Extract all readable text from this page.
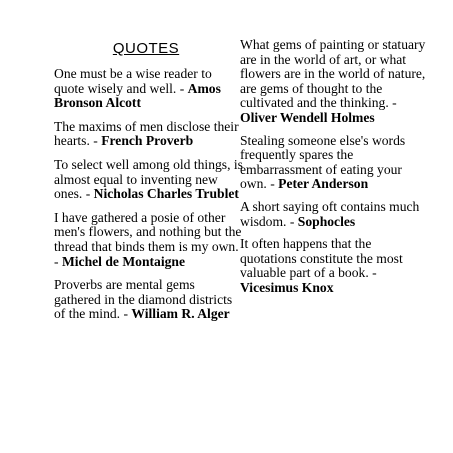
QUOTES

One must be a wise reader to quote wisely and well. - Amos Bronson Alcott

The maxims of men disclose their hearts. - French Proverb

To select well among old things, is almost equal to inventing new ones. - Nicholas Charles Trublet

I have gathered a posie of other men's flowers, and nothing but the thread that binds them is my own. - Michel de Montaigne

Proverbs are mental gems gathered in the diamond districts of the mind. - William R. Alger

What gems of painting or statuary are in the world of art, or what flowers are in the world of nature, are gems of thought to the cultivated and the thinking. - Oliver Wendell Holmes

Stealing someone else's words frequently spares the embarrassment of eating your own. - Peter Anderson

A short saying oft contains much wisdom. - Sophocles

It often happens that the quotations constitute the most valuable part of a book. - Vicesimus Knox
